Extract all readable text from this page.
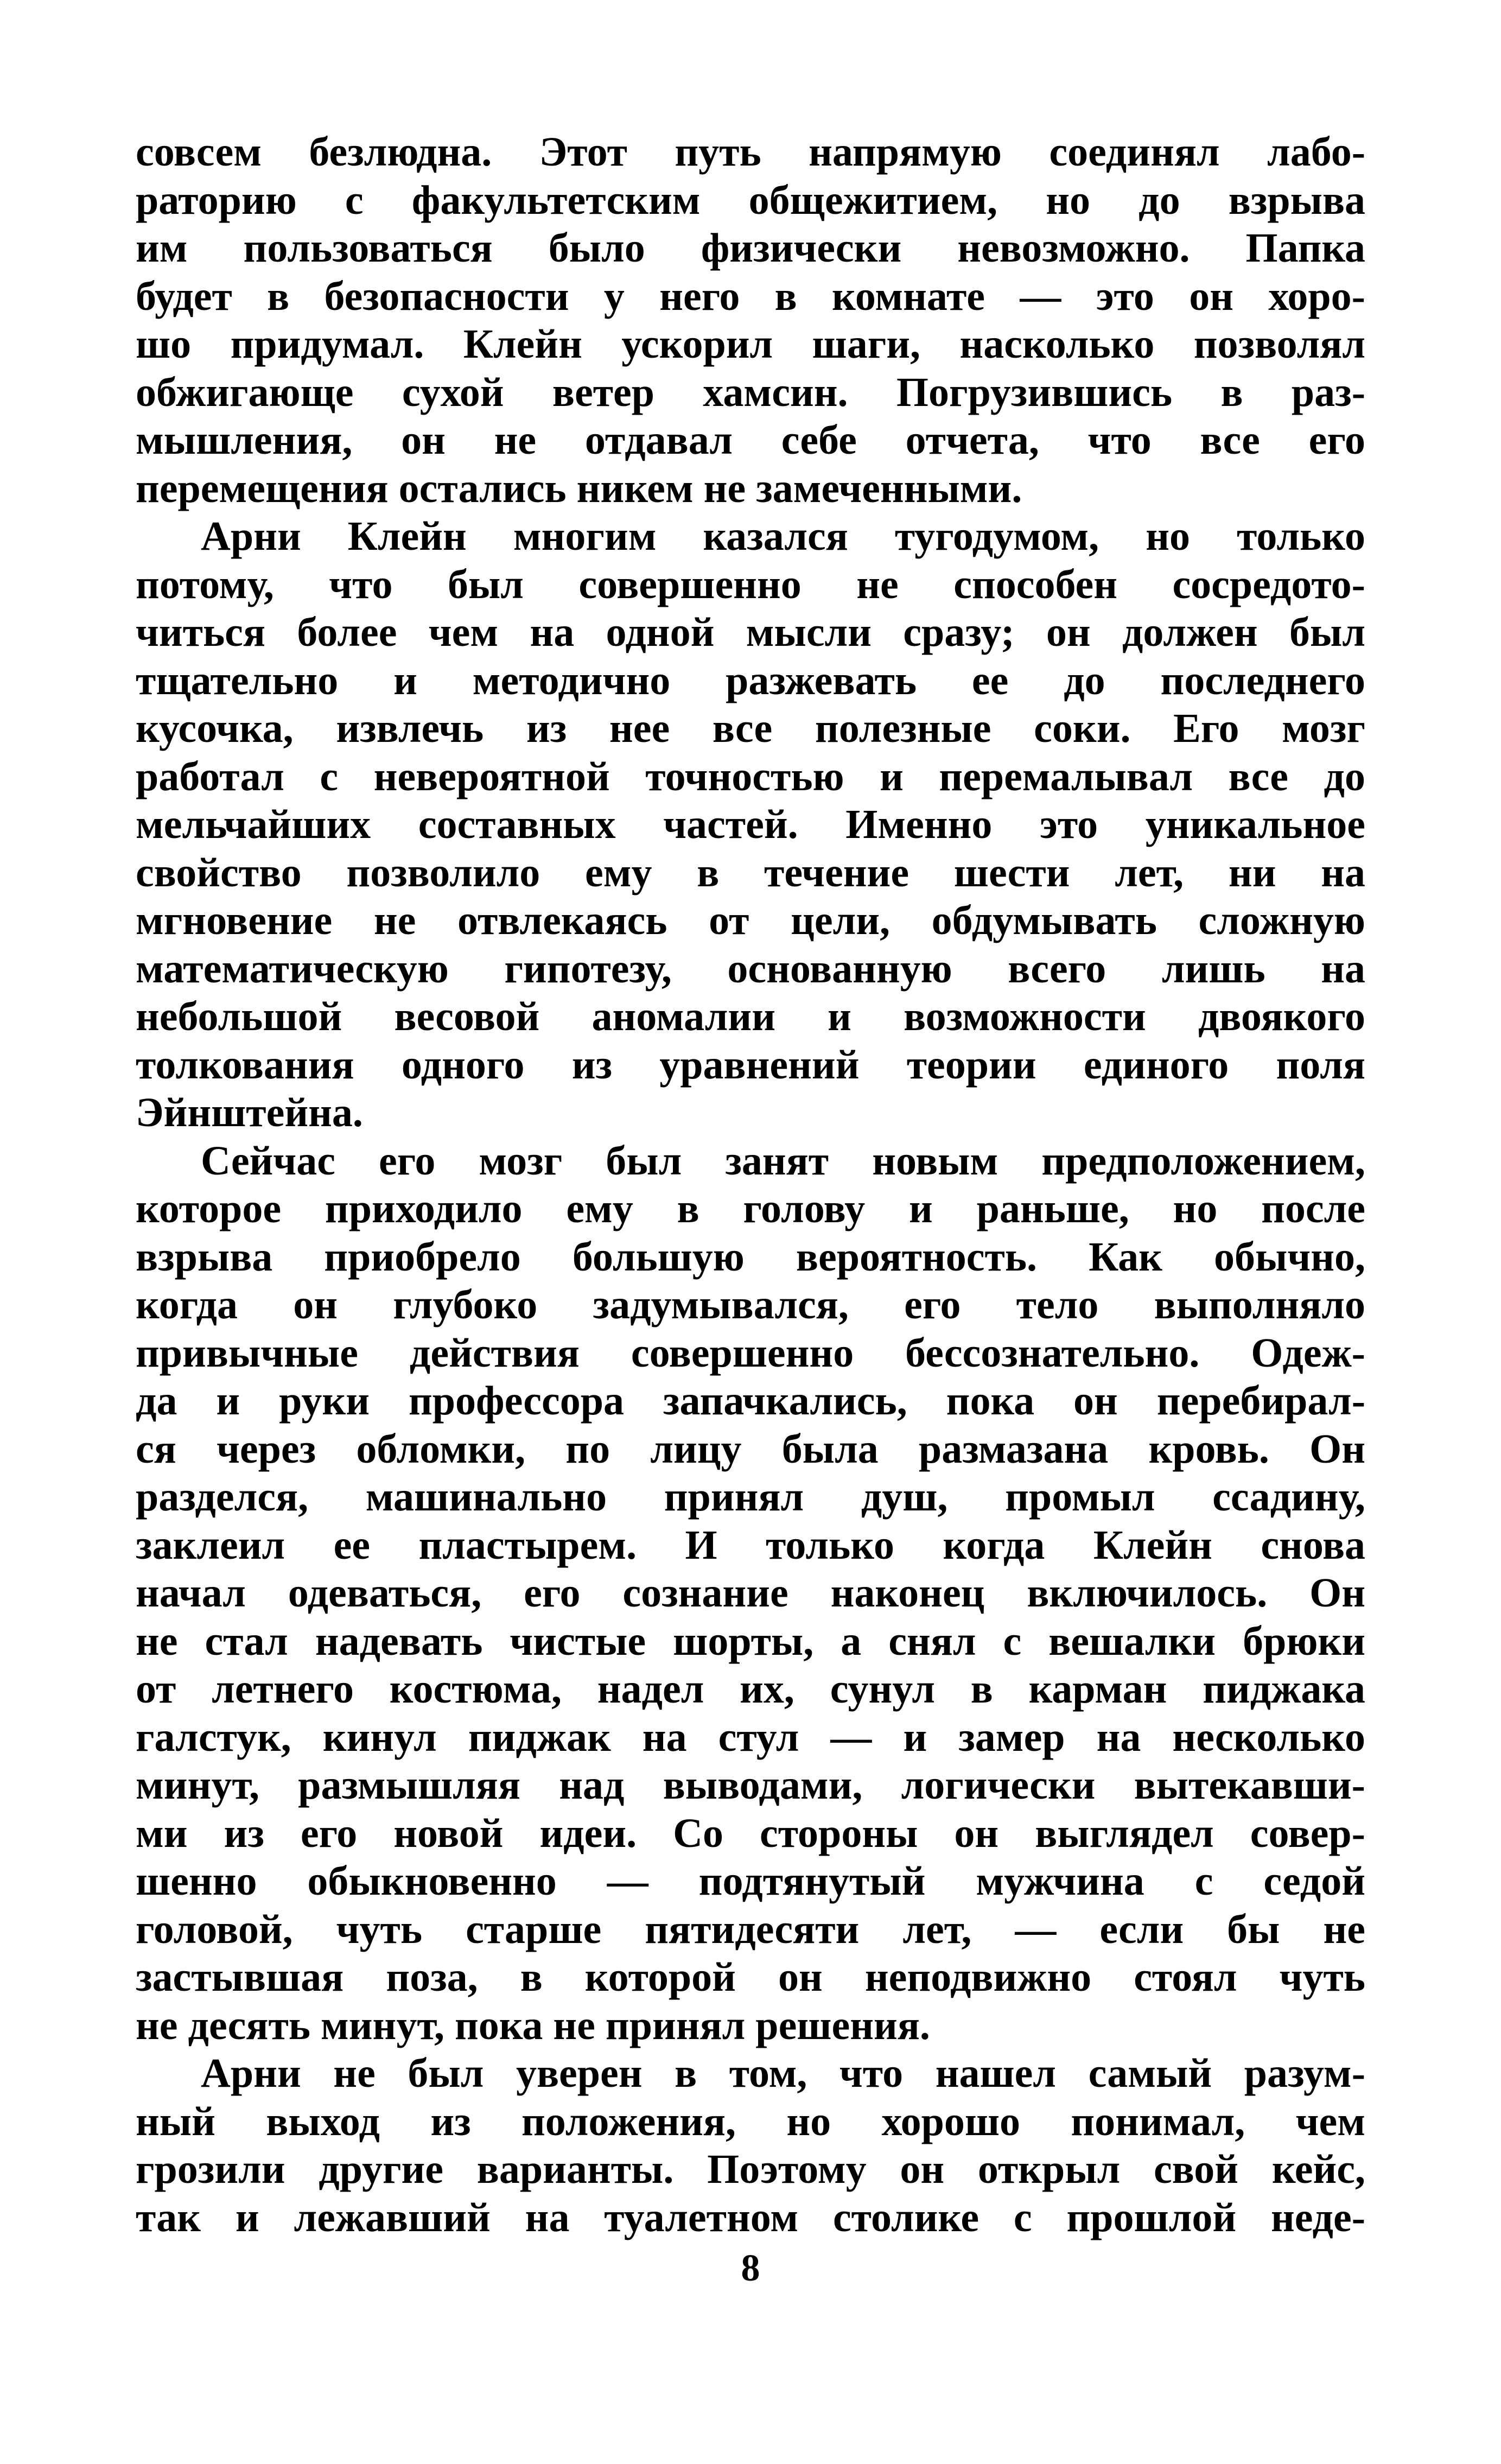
совсем безлюдна. Этот путь напрямую соединял лабо-
раторию с факультетским общежитием, но до взрыва
им пользоваться было физически невозможно. Папка
будет в безопасности у него в комнате — это он хоро-
шо придумал. Клейн ускорил шаги, насколько позволял
обжигающе сухой ветер хамсин. Погрузившись в раз-
мышления, он не отдавал себе отчета, что все его
перемещения остались никем не замеченными.
Арни Клейн многим казался тугодумом, но только
потому, что был совершенно не способен сосредото-
читься более чем на одной мысли сразу; он должен был
тщательно и методично разжевать ее до последнего
кусочка, извлечь из нее все полезные соки. Его мозг
работал с невероятной точностью и перемалывал все до
мельчайших составных частей. Именно это уникальное
свойство позволило ему в течение шести лет, ни на
мгновение не отвлекаясь от цели, обдумывать сложную
математическую гипотезу, основанную всего лишь на
небольшой весовой аномалии и возможности двоякого
толкования одного из уравнений теории единого поля
Эйнштейна.
Сейчас его мозг был занят новым предположением,
которое приходило ему в голову и раньше, но после
взрыва приобрело большую вероятность. Как обычно,
когда он глубоко задумывался, его тело выполняло
привычные действия совершенно бессознательно. Одеж-
да и руки профессора запачкались, пока он перебирал-
ся через обломки, по лицу была размазана кровь. Он
разделся, машинально принял душ, промыл ссадину,
заклеил ее пластырем. И только когда Клейн снова
начал одеваться, его сознание наконец включилось. Он
не стал надевать чистые шорты, а снял с вешалки брюки
от летнего костюма, надел их, сунул в карман пиджака
галстук, кинул пиджак на стул — и замер на несколько
минут, размышляя над выводами, логически вытекавши-
ми из его новой идеи. Со стороны он выглядел совер-
шенно обыкновенно — подтянутый мужчина с седой
головой, чуть старше пятидесяти лет, — если бы не
застывшая поза, в которой он неподвижно стоял чуть
не десять минут, пока не принял решения.
Арни не был уверен в том, что нашел самый разум-
ный выход из положения, но хорошо понимал, чем
грозили другие варианты. Поэтому он открыл свой кейс,
так и лежавший на туалетном столике с прошлой неде-
8
